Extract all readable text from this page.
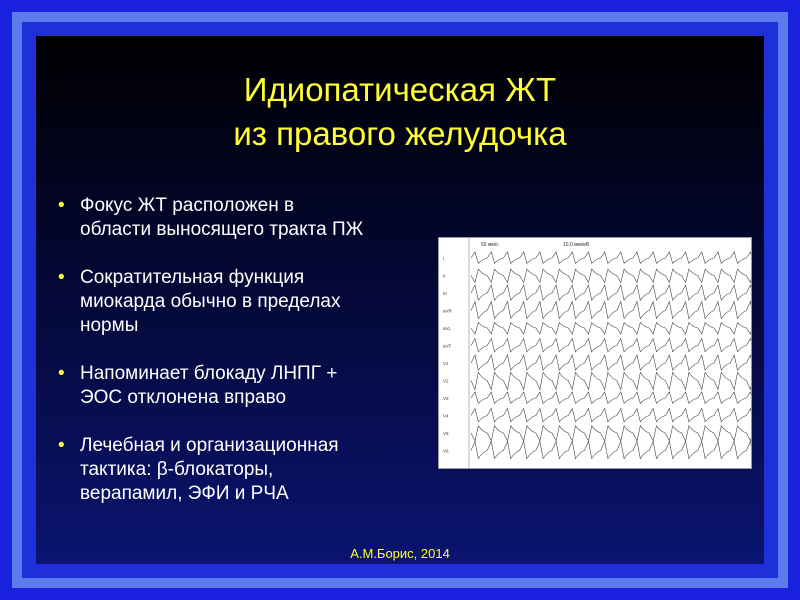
Идиопатическая ЖТ
из правого желудочка
• Фокус ЖТ расположен в
области выносящего тракта ПЖ
• Сократительная функция
миокарда обычно в пределах
нормы
• Напоминает блокаду ЛНПГ +
ЭОС отклонена вправо
• Лечебная и организационная
тактика: β-блокаторы,
верапамил, ЭФИ и РЧА
50 мм/с	10,0 мм/мВ
I
II
III
aVR
aVL
aVF
V1
V2
V3
V4
V5
V6
А.М.Борис, 2014
